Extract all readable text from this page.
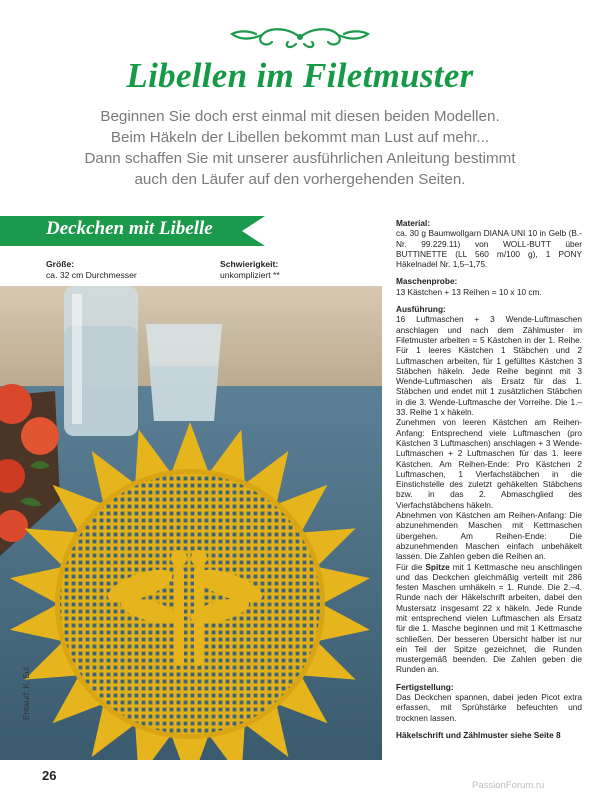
Libellen im Filetmuster
Beginnen Sie doch erst einmal mit diesen beiden Modellen.
Beim Häkeln der Libellen bekommt man Lust auf mehr...
Dann schaffen Sie mit unserer ausführlichen Anleitung bestimmt
auch den Läufer auf den vorhergehenden Seiten.
Deckchen mit Libelle
Größe:
ca. 32 cm Durchmesser
Schwierigkeit:
unkompliziert **
Entwurf: K. Eul
Material:

ca. 30 g Baumwollgarn DIANA UNI 10 in Gelb (B.-Nr. 99.229.11) von WOLL-BUTT über BUTTINETTE (LL 560 m/100 g), 1 PONY Häkelnadel Nr. 1,5–1,75.

Maschenprobe:

13 Kästchen + 13 Reihen = 10 x 10 cm.

Ausführung:

16 Luftmaschen + 3 Wende-Luftmaschen anschlagen und nach dem Zählmuster im Filetmuster arbeiten = 5 Kästchen in der 1. Reihe. Für 1 leeres Kästchen 1 Stäbchen und 2 Luftmaschen arbeiten, für 1 gefülltes Kästchen 3 Stäbchen häkeln. Jede Reihe beginnt mit 3 Wende-Luftmaschen als Ersatz für das 1. Stäbchen und endet mit 1 zusätzlichen Stäbchen in die 3. Wende-Luftmasche der Vorreihe. Die 1.–33. Reihe 1 x häkeln.

Zunehmen von leeren Kästchen am Reihen-Anfang: Entsprechend viele Luftmaschen (pro Kästchen 3 Luftmaschen) anschlagen + 3 Wende-Luftmaschen + 2 Luftmaschen für das 1. leere Kästchen. Am Reihen-Ende: Pro Kästchen 2 Luftmaschen, 1 Vierfachstäbchen in die Einstichstelle des zuletzt gehäkelten Stäbchens bzw. in das 2. Abmaschglied des Vierfachstäbchens häkeln.

Abnehmen von Kästchen am Reihen-Anfang: Die abzunehmenden Maschen mit Kettmaschen übergehen. Am Reihen-Ende: Die abzunehmenden Maschen einfach unbehäkelt lassen. Die Zahlen geben die Reihen an.

Für die Spitze mit 1 Kettmasche neu anschlingen und das Deckchen gleichmäßig verteilt mit 286 festen Maschen umhäkeln = 1. Runde. Die 2.–4. Runde nach der Häkelschrift arbeiten, dabei den Mustersatz insgesamt 22 x häkeln. Jede Runde mit entsprechend vielen Luftmaschen als Ersatz für die 1. Masche beginnen und mit 1 Kettmasche schließen. Der besseren Übersicht halber ist nur ein Teil der Spitze gezeichnet, die Runden mustergemäß beenden. Die Zahlen geben die Runden an.

Fertigstellung:

Das Deckchen spannen, dabei jeden Picot extra erfassen, mit Sprühstärke befeuchten und trocknen lassen.

Häkelschrift und Zählmuster siehe Seite 8
26
PassionForum.ru
